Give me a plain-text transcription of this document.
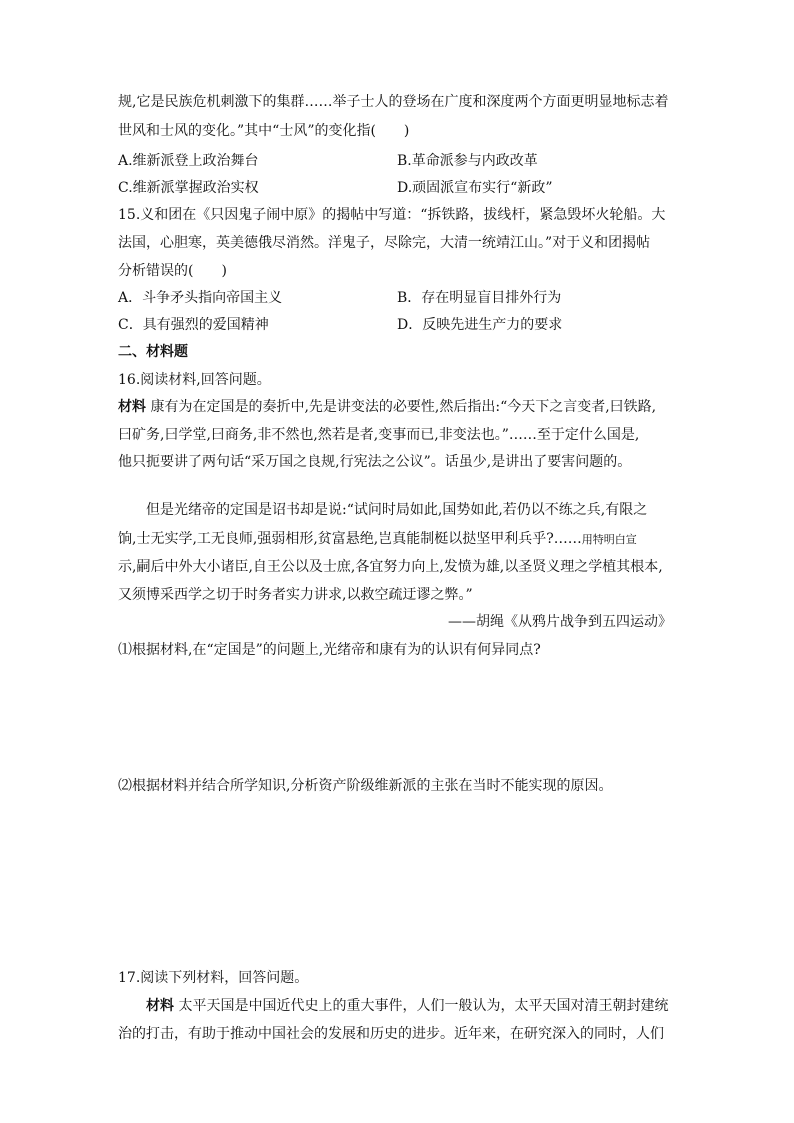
规,它是民族危机刺激下的集群……举子士人的登场在广度和深度两个方面更明显地标志着
世风和士风的变化。”其中“士风”的变化指(　　)
A.维新派登上政治舞台	B.革命派参与内政改革
C.维新派掌握政治实权	D.顽固派宣布实行“新政”
15.义和团在《只因鬼子闹中原》的揭帖中写道：“拆铁路，拔线杆，紧急毁坏火轮船。大
法国，心胆寒，英美德俄尽消然。洋鬼子，尽除完，大清一统靖江山。”对于义和团揭帖
分析错误的(　　)
A．斗争矛头指向帝国主义	B．存在明显盲目排外行为
C．具有强烈的爱国精神	D．反映先进生产力的要求
二、材料题
16.阅读材料,回答问题。
材料 康有为在定国是的奏折中,先是讲变法的必要性,然后指出:“今天下之言变者,曰铁路,
曰矿务,曰学堂,曰商务,非不然也,然若是者,变事而已,非变法也。”……至于定什么国是,
他只扼要讲了两句话“采万国之良规,行宪法之公议”。话虽少,是讲出了要害问题的。
但是光绪帝的定国是诏书却是说:“试问时局如此,国势如此,若仍以不练之兵,有限之
饷,士无实学,工无良师,强弱相形,贫富悬绝,岂真能制梃以挞坚甲利兵乎?……用特明白宣
示,嗣后中外大小诸臣,自王公以及士庶,各宜努力向上,发愤为雄,以圣贤义理之学植其根本,
又须博采西学之切于时务者实力讲求,以救空疏迂谬之弊。”
——胡绳《从鸦片战争到五四运动》
⑴根据材料,在“定国是”的问题上,光绪帝和康有为的认识有何异同点?
⑵根据材料并结合所学知识,分析资产阶级维新派的主张在当时不能实现的原因。
17.阅读下列材料，回答问题。
材料 太平天国是中国近代史上的重大事件，人们一般认为，太平天国对清王朝封建统
治的打击，有助于推动中国社会的发展和历史的进步。近年来，在研究深入的同时，人们
